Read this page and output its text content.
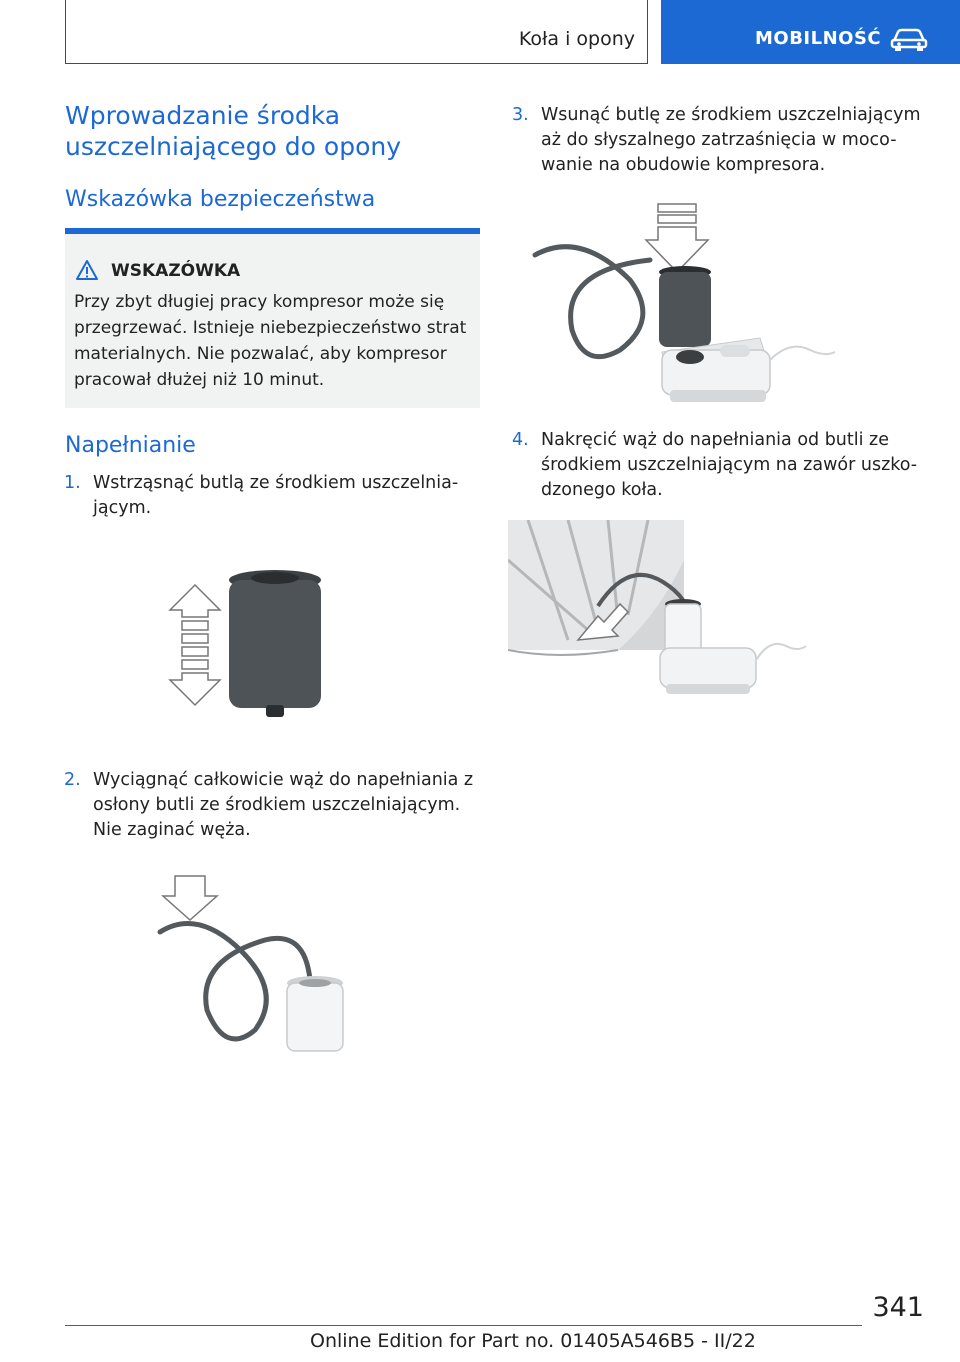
Koła i opony	MOBILNOŚĆ
Wprowadzanie środka uszczelniającego do opony
Wskazówka bezpieczeństwa
WSKAZÓWKA
Przy zbyt długiej pracy kompresor może się przegrzewać. Istnieje niebezpieczeństwo strat materialnych. Nie pozwalać, aby kompresor pracował dłużej niż 10 minut.
Napełnianie
1. Wstrząsnąć butlą ze środkiem uszczelnia-
jącym.
2. Wyciągnąć całkowicie wąż do napełniania z
osłony butli ze środkiem uszczelniającym.
Nie zaginać węża.
3. Wsunąć butlę ze środkiem uszczelniającym
aż do słyszalnego zatrzaśnięcia w moco-
wanie na obudowie kompresora.
4. Nakręcić wąż do napełniania od butli ze
środkiem uszczelniającym na zawór uszko-
dzonego koła.
341
Online Edition for Part no. 01405A546B5 - II/22
